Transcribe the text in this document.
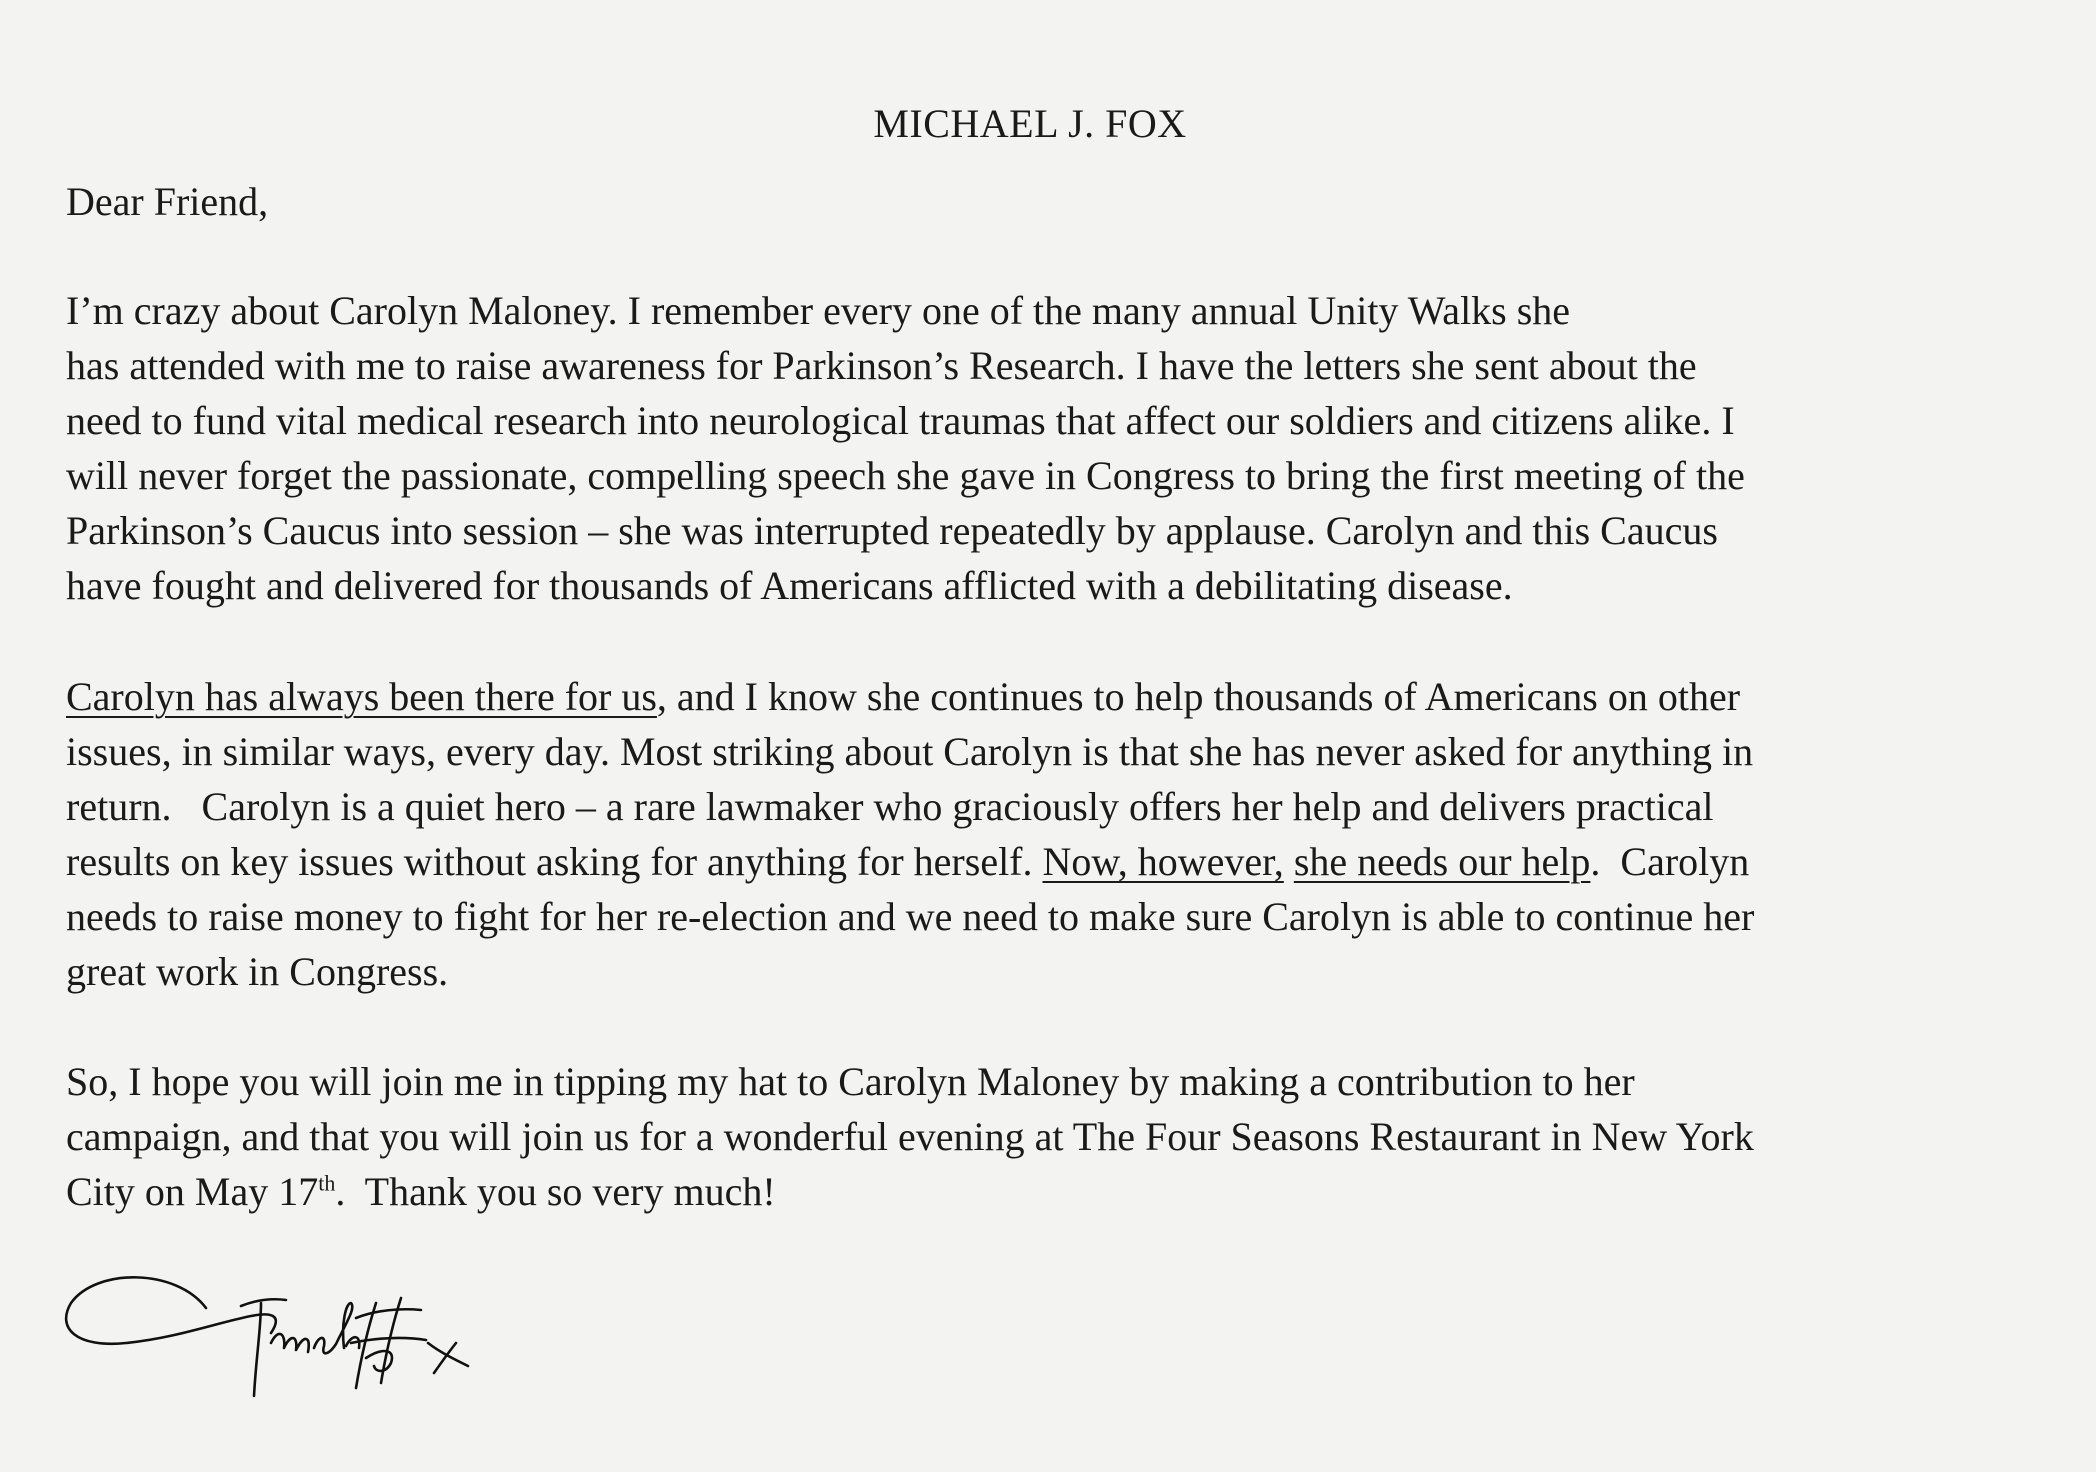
MICHAEL J. FOX
Dear Friend,

I’m crazy about Carolyn Maloney. I remember every one of the many annual Unity Walks she
has attended with me to raise awareness for Parkinson’s Research. I have the letters she sent about the
need to fund vital medical research into neurological traumas that affect our soldiers and citizens alike. I
will never forget the passionate, compelling speech she gave in Congress to bring the first meeting of the
Parkinson’s Caucus into session – she was interrupted repeatedly by applause. Carolyn and this Caucus
have fought and delivered for thousands of Americans afflicted with a debilitating disease.

Carolyn has always been there for us, and I know she continues to help thousands of Americans on other
issues, in similar ways, every day. Most striking about Carolyn is that she has never asked for anything in
return.   Carolyn is a quiet hero – a rare lawmaker who graciously offers her help and delivers practical
results on key issues without asking for anything for herself. Now, however, she needs our help.  Carolyn
needs to raise money to fight for her re-election and we need to make sure Carolyn is able to continue her
great work in Congress.

So, I hope you will join me in tipping my hat to Carolyn Maloney by making a contribution to her
campaign, and that you will join us for a wonderful evening at The Four Seasons Restaurant in New York
City on May 17th.  Thank you so very much!
